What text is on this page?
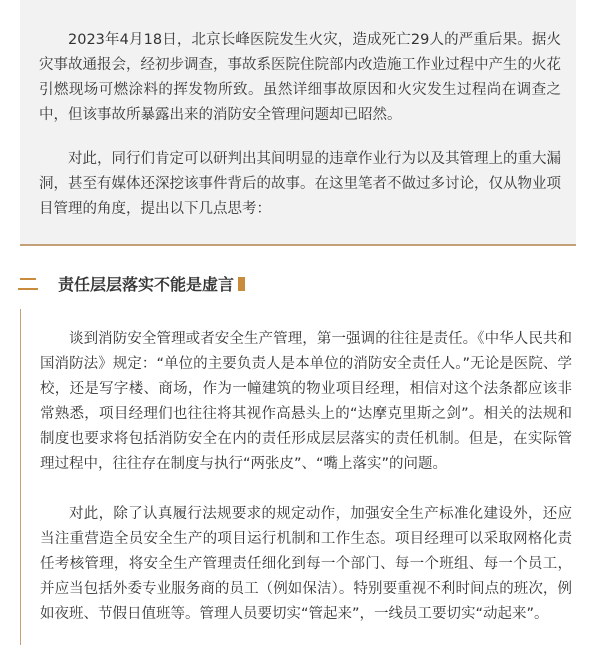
2023年4月18日，北京长峰医院发生火灾，造成死亡29人的严重后果。据火灾事故通报会，经初步调查，事故系医院住院部内改造施工作业过程中产生的火花引燃现场可燃涂料的挥发物所致。虽然详细事故原因和火灾发生过程尚在调查之中，但该事故所暴露出来的消防安全管理问题却已昭然。

对此，同行们肯定可以研判出其间明显的违章作业行为以及其管理上的重大漏洞，甚至有媒体还深挖该事件背后的故事。在这里笔者不做过多讨论，仅从物业项目管理的角度，提出以下几点思考：

责任层层落实不能是虚言

谈到消防安全管理或者安全生产管理，第一强调的往往是责任。《中华人民共和国消防法》规定：“单位的主要负责人是本单位的消防安全责任人。”无论是医院、学校，还是写字楼、商场，作为一幢建筑的物业项目经理，相信对这个法条都应该非常熟悉，项目经理们也往往将其视作高悬头上的“达摩克里斯之剑”。相关的法规和制度也要求将包括消防安全在内的责任形成层层落实的责任机制。但是，在实际管理过程中，往往存在制度与执行“两张皮”、“嘴上落实”的问题。

对此，除了认真履行法规要求的规定动作，加强安全生产标准化建设外，还应当注重营造全员安全生产的项目运行机制和工作生态。项目经理可以采取网格化责任考核管理，将安全生产管理责任细化到每一个部门、每一个班组、每一个员工，并应当包括外委专业服务商的员工（例如保洁）。特别要重视不利时间点的班次，例如夜班、节假日值班等。管理人员要切实“管起来”，一线员工要切实“动起来”。
